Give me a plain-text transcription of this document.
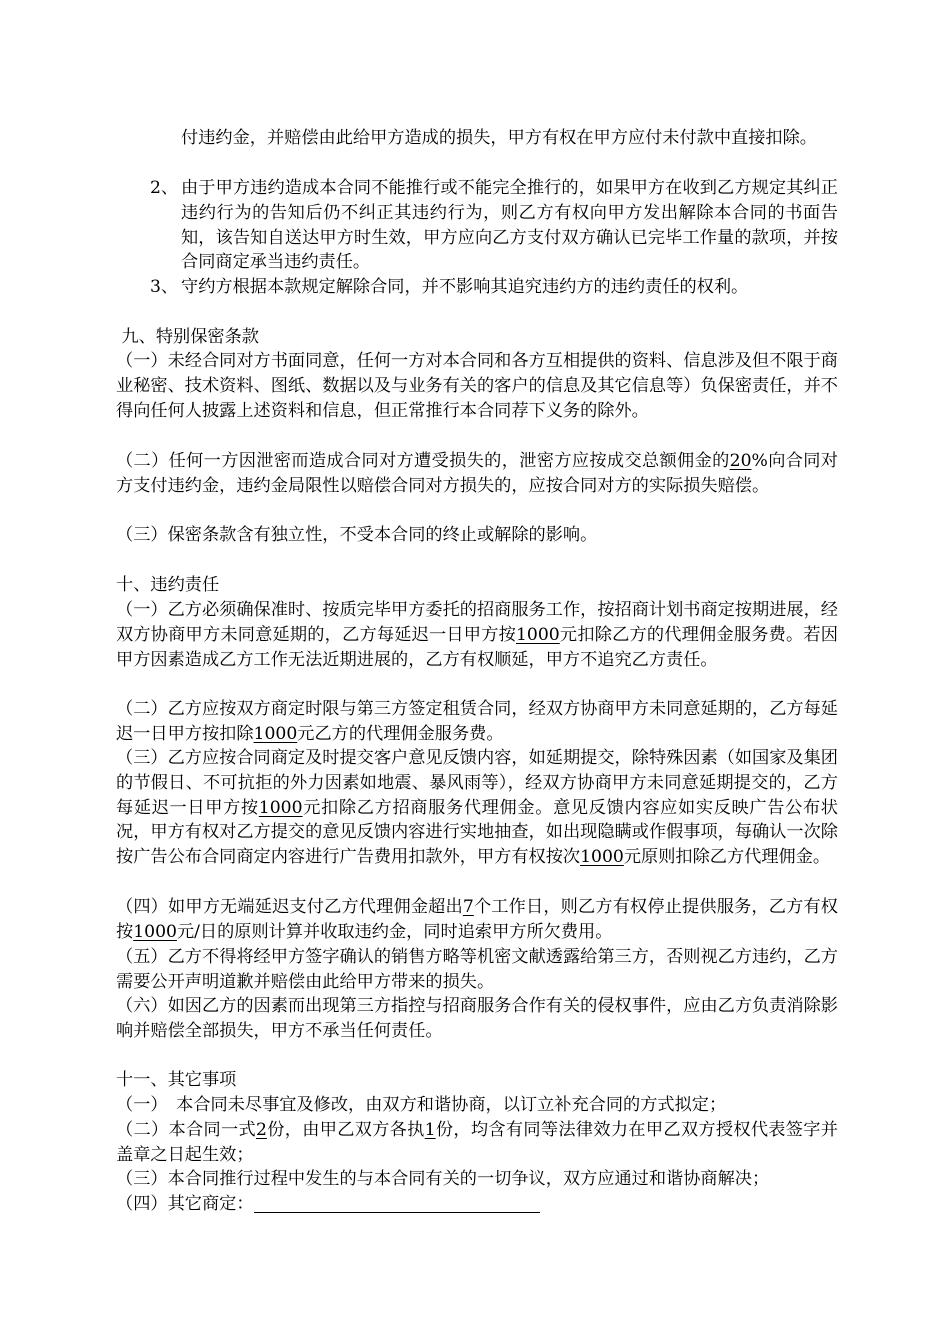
付违约金，并赔偿由此给甲方造成的损失，甲方有权在甲方应付未付款中直接扣除。
2、 由于甲方违约造成本合同不能推行或不能完全推行的，如果甲方在收到乙方规定其纠正违约行为的告知后仍不纠正其违约行为，则乙方有权向甲方发出解除本合同的书面告知，该告知自送达甲方时生效，甲方应向乙方支付双方确认已完毕工作量的款项，并按合同商定承当违约责任。
3、 守约方根据本款规定解除合同，并不影响其追究违约方的违约责任的权利。
九、特别保密条款
（一）未经合同对方书面同意，任何一方对本合同和各方互相提供的资料、信息涉及但不限于商业秘密、技术资料、图纸、数据以及与业务有关的客户的信息及其它信息等）负保密责任，并不得向任何人披露上述资料和信息，但正常推行本合同荐下义务的除外。
（二）任何一方因泄密而造成合同对方遭受损失的，泄密方应按成交总额佣金的20%向合同对方支付违约金，违约金局限性以赔偿合同对方损失的，应按合同对方的实际损失赔偿。
（三）保密条款含有独立性，不受本合同的终止或解除的影响。
十、违约责任
（一）乙方必须确保准时、按质完毕甲方委托的招商服务工作，按招商计划书商定按期进展，经双方协商甲方未同意延期的，乙方每延迟一日甲方按1000元扣除乙方的代理佣金服务费。若因甲方因素造成乙方工作无法近期进展的，乙方有权顺延，甲方不追究乙方责任。
（二）乙方应按双方商定时限与第三方签定租赁合同，经双方协商甲方未同意延期的，乙方每延迟一日甲方按扣除1000元乙方的代理佣金服务费。
（三）乙方应按合同商定及时提交客户意见反馈内容，如延期提交，除特殊因素（如国家及集团的节假日、不可抗拒的外力因素如地震、暴风雨等），经双方协商甲方未同意延期提交的，乙方每延迟一日甲方按1000元扣除乙方招商服务代理佣金。意见反馈内容应如实反映广告公布状况，甲方有权对乙方提交的意见反馈内容进行实地抽查，如出现隐瞒或作假事项，每确认一次除按广告公布合同商定内容进行广告费用扣款外，甲方有权按次1000元原则扣除乙方代理佣金。
（四）如甲方无端延迟支付乙方代理佣金超出7个工作日，则乙方有权停止提供服务，乙方有权按1000元/日的原则计算并收取违约金，同时追索甲方所欠费用。
（五）乙方不得将经甲方签字确认的销售方略等机密文献透露给第三方，否则视乙方违约，乙方需要公开声明道歉并赔偿由此给甲方带来的损失。
（六）如因乙方的因素而出现第三方指控与招商服务合作有关的侵权事件，应由乙方负责消除影响并赔偿全部损失，甲方不承当任何责任。
十一、其它事项
（一）　本合同未尽事宜及修改，由双方和谐协商，以订立补充合同的方式拟定；
（二）本合同一式2份，由甲乙双方各执1份，均含有同等法律效力在甲乙双方授权代表签字并盖章之日起生效；
（三）本合同推行过程中发生的与本合同有关的一切争议，双方应通过和谐协商解决；
（四）其它商定：
